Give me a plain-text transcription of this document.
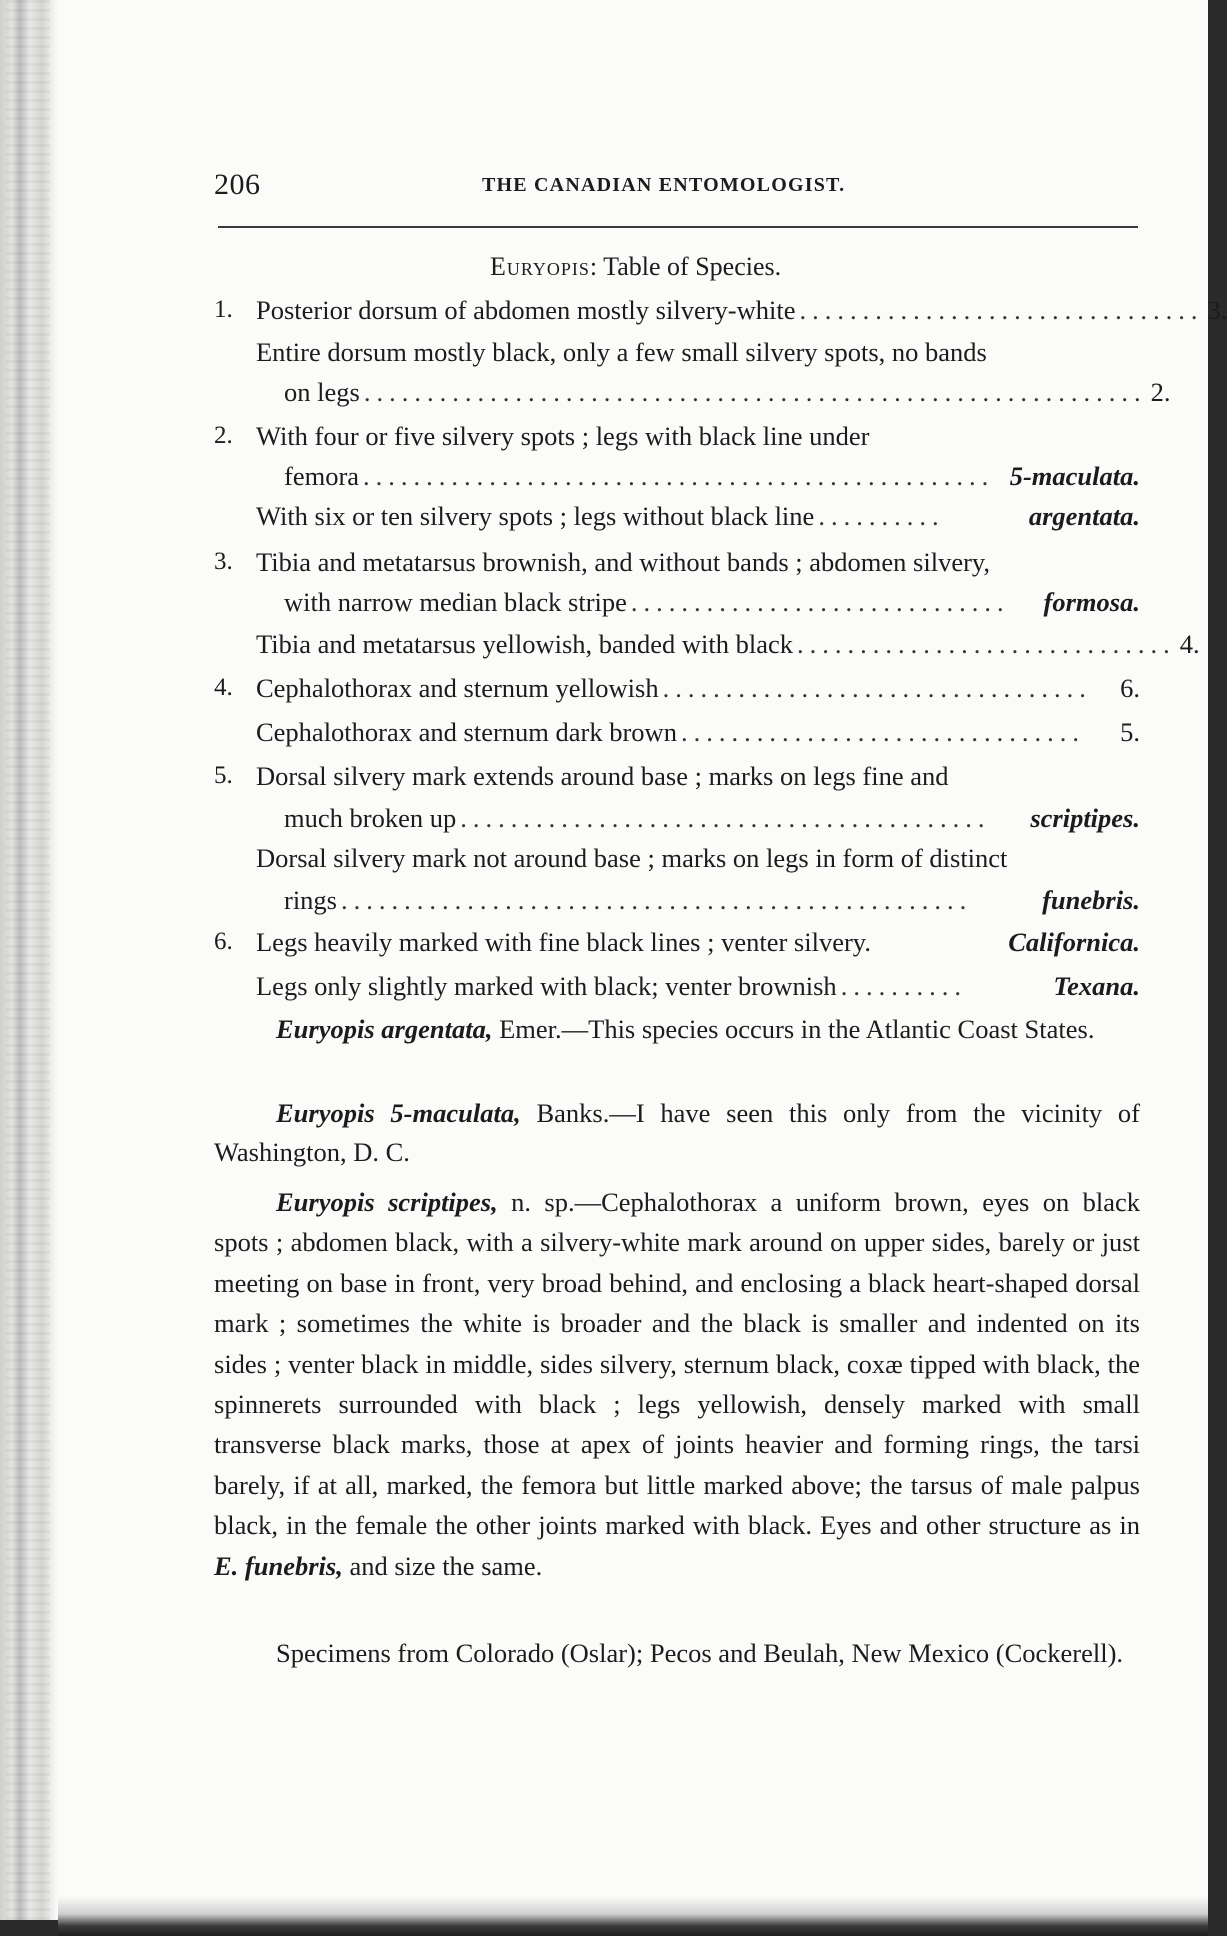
206	THE CANADIAN ENTOMOLOGIST.
Euryopis: Table of Species.
1. Posterior dorsum of abdomen mostly silvery-white ................................ 3.
Entire dorsum mostly black, only a few small silvery spots, no bands
on legs .............................................................. 2.
2. With four or five silvery spots ; legs with black line under
femora .................................................. 5-maculata.
With six or ten silvery spots ; legs without black line ..........	argentata.
3. Tibia and metatarsus brownish, and without bands ; abdomen silvery,
with narrow median black stripe ..............................	formosa.
Tibia and metatarsus yellowish, banded with black .............................. 4.
4. Cephalothorax and sternum yellowish ..................................	6.
Cephalothorax and sternum dark brown ................................	5.
5. Dorsal silvery mark extends around base ; marks on legs fine and
much broken up ..........................................	scriptipes.
Dorsal silvery mark not around base ; marks on legs in form of distinct
rings ..................................................	funebris.
6. Legs heavily marked with fine black lines ; venter silvery.	Californica.
Legs only slightly marked with black; venter brownish ..........	Texana.
Euryopis argentata, Emer.—This species occurs in the Atlantic Coast States.
Euryopis 5-maculata, Banks.—I have seen this only from the vicinity of Washington, D. C.
Euryopis scriptipes, n. sp.—Cephalothorax a uniform brown, eyes on black spots ; abdomen black, with a silvery-white mark around on upper sides, barely or just meeting on base in front, very broad behind, and enclosing a black heart-shaped dorsal mark ; sometimes the white is broader and the black is smaller and indented on its sides ; venter black in middle, sides silvery, sternum black, coxæ tipped with black, the spinnerets surrounded with black ; legs yellowish, densely marked with small transverse black marks, those at apex of joints heavier and forming rings, the tarsi barely, if at all, marked, the femora but little marked above; the tarsus of male palpus black, in the female the other joints marked with black. Eyes and other structure as in E. funebris, and size the same.
Specimens from Colorado (Oslar); Pecos and Beulah, New Mexico (Cockerell).
